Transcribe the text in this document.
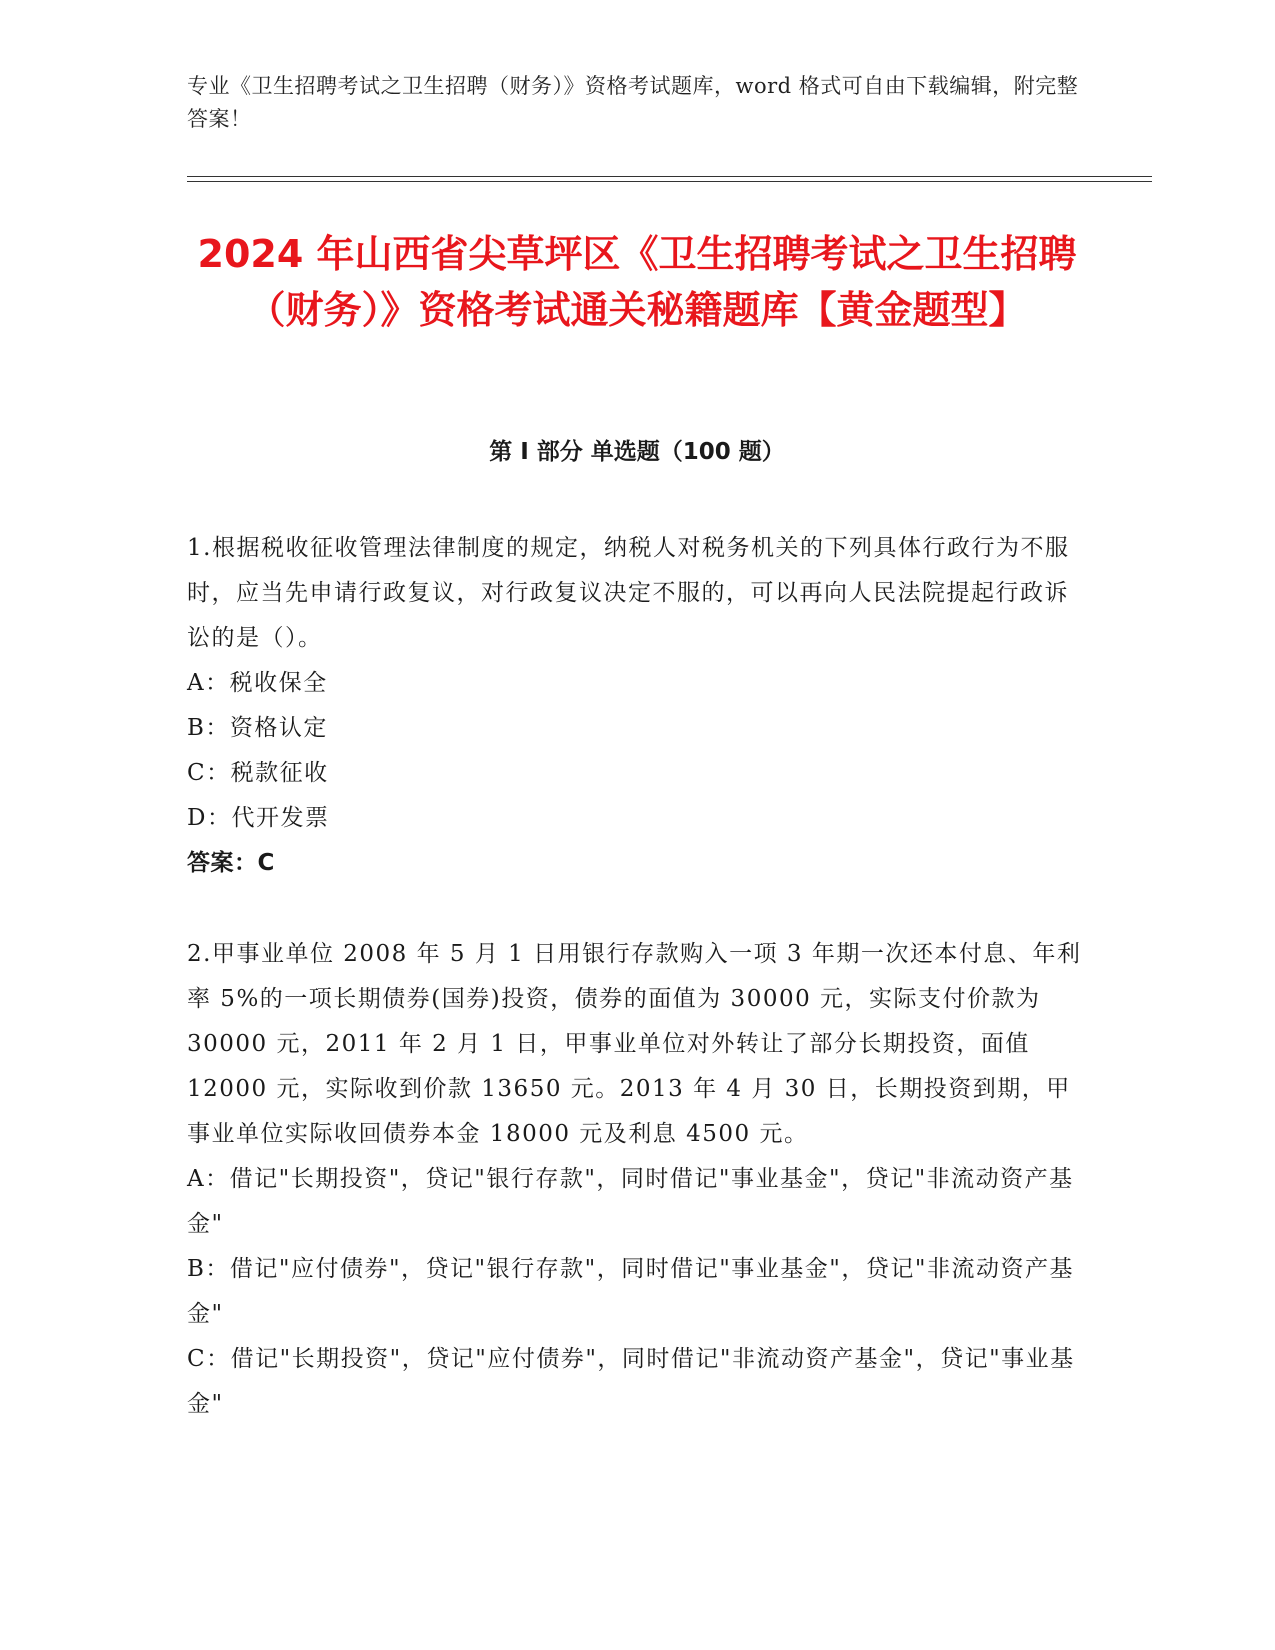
专业《卫生招聘考试之卫生招聘（财务）》资格考试题库，word 格式可自由下载编辑，附完整答案！
2024 年山西省尖草坪区《卫生招聘考试之卫生招聘（财务）》资格考试通关秘籍题库【黄金题型】
第 I 部分 单选题（100 题）

1.根据税收征收管理法律制度的规定，纳税人对税务机关的下列具体行政行为不服时，应当先申请行政复议，对行政复议决定不服的，可以再向人民法院提起行政诉讼的是（）。

A：税收保全

B：资格认定

C：税款征收

D：代开发票

答案：C

2.甲事业单位 2008 年 5 月 1 日用银行存款购入一项 3 年期一次还本付息、年利率 5%的一项长期债券(国券)投资，债券的面值为 30000 元，实际支付价款为 30000 元，2011 年 2 月 1 日，甲事业单位对外转让了部分长期投资，面值 12000 元，实际收到价款 13650 元。2013 年 4 月 30 日，长期投资到期，甲事业单位实际收回债券本金 18000 元及利息 4500 元。

A：借记"长期投资"，贷记"银行存款"，同时借记"事业基金"，贷记"非流动资产基金"

B：借记"应付债券"，贷记"银行存款"，同时借记"事业基金"，贷记"非流动资产基金"

C：借记"长期投资"，贷记"应付债券"，同时借记"非流动资产基金"，贷记"事业基金"
